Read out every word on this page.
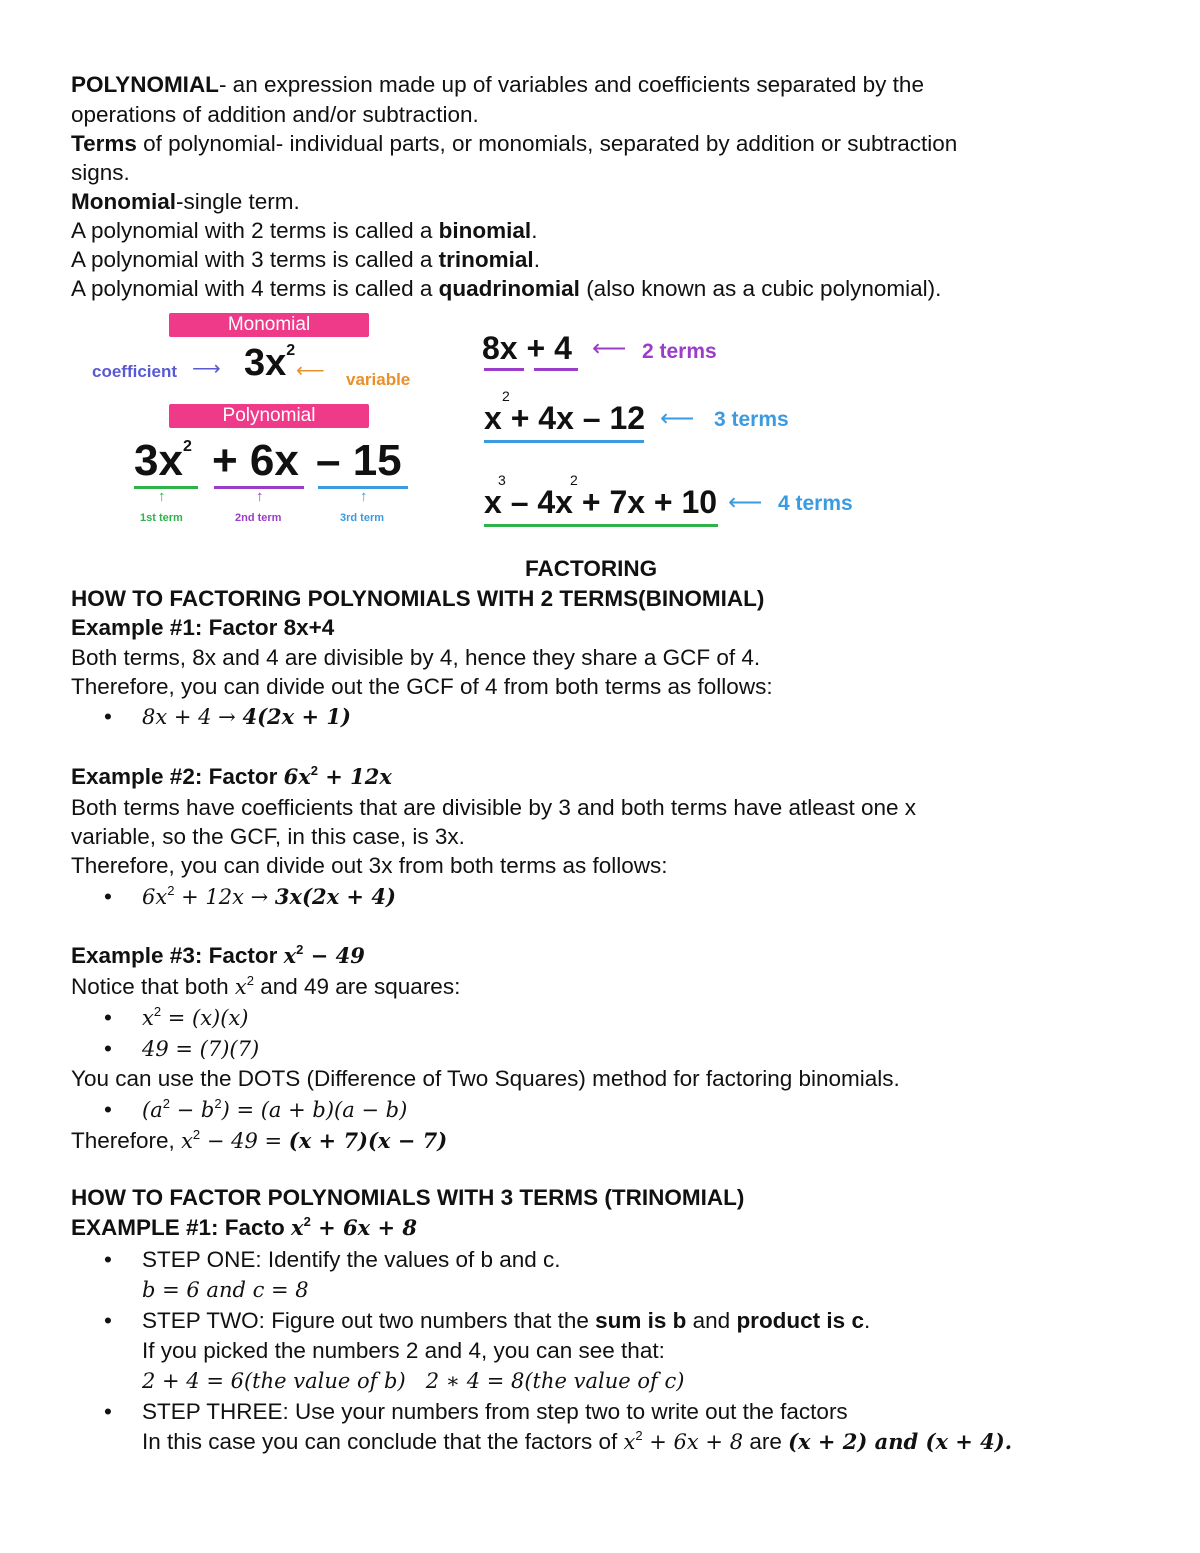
POLYNOMIAL- an expression made up of variables and coefficients separated by the
operations of addition and/or subtraction.
Terms of polynomial- individual parts, or monomials, separated by addition or subtraction
signs.
Monomial-single term.
A polynomial with 2 terms is called a binomial.
A polynomial with 3 terms is called a trinomial.
A polynomial with 4 terms is called a quadrinomial (also known as a cubic polynomial).
Monomial
coefficient ⟶ $3x^2$
⟵ variable
Polynomial
$3x^2 + 6x - 15$
↑	↑	↑
1st term	2nd term	3rd term
8x + 4 ⟵ 2 terms
2
x + 4x – 12 ⟵ 3 terms
3	2
x – 4x + 7x + 10 ⟵ 4 terms
FACTORING
HOW TO FACTORING POLYNOMIALS WITH 2 TERMS(BINOMIAL)
Example #1: Factor 8x+4
Both terms, 8x and 4 are divisible by 4, hence they share a GCF of 4.
Therefore, you can divide out the GCF of 4 from both terms as follows:
• 8x + 4 → 4(2x + 1)
Example #2: Factor $6x^2 + 12x$
Both terms have coefficients that are divisible by 3 and both terms have atleast one x
variable, so the GCF, in this case, is 3x.
Therefore, you can divide out 3x from both terms as follows:
• $6x^2 + 12x \to 3x(2x + 4)$
Example #3: Factor $x^2 - 49$
Notice that both $x^2$ and 49 are squares:
• $x^2 = (x)(x)$
• 49 = (7)(7)
You can use the DOTS (Difference of Two Squares) method for factoring binomials.
• $(a^2 - b^2) = (a + b)(a - b)$
Therefore, $x^2 - 49 = (x + 7)(x - 7)$
HOW TO FACTOR POLYNOMIALS WITH 3 TERMS (TRINOMIAL)
EXAMPLE #1: Facto $x^2 + 6x + 8$
• STEP ONE: Identify the values of b and c.
b = 6 and c = 8
• STEP TWO: Figure out two numbers that the sum is b and product is c.
If you picked the numbers 2 and 4, you can see that:
2 + 4 = 6(the value of b)   2 ∗ 4 = 8(the value of c)
• STEP THREE: Use your numbers from step two to write out the factors
In this case you can conclude that the factors of $x^2 + 6x + 8$ are (x + 2) and (x + 4).
